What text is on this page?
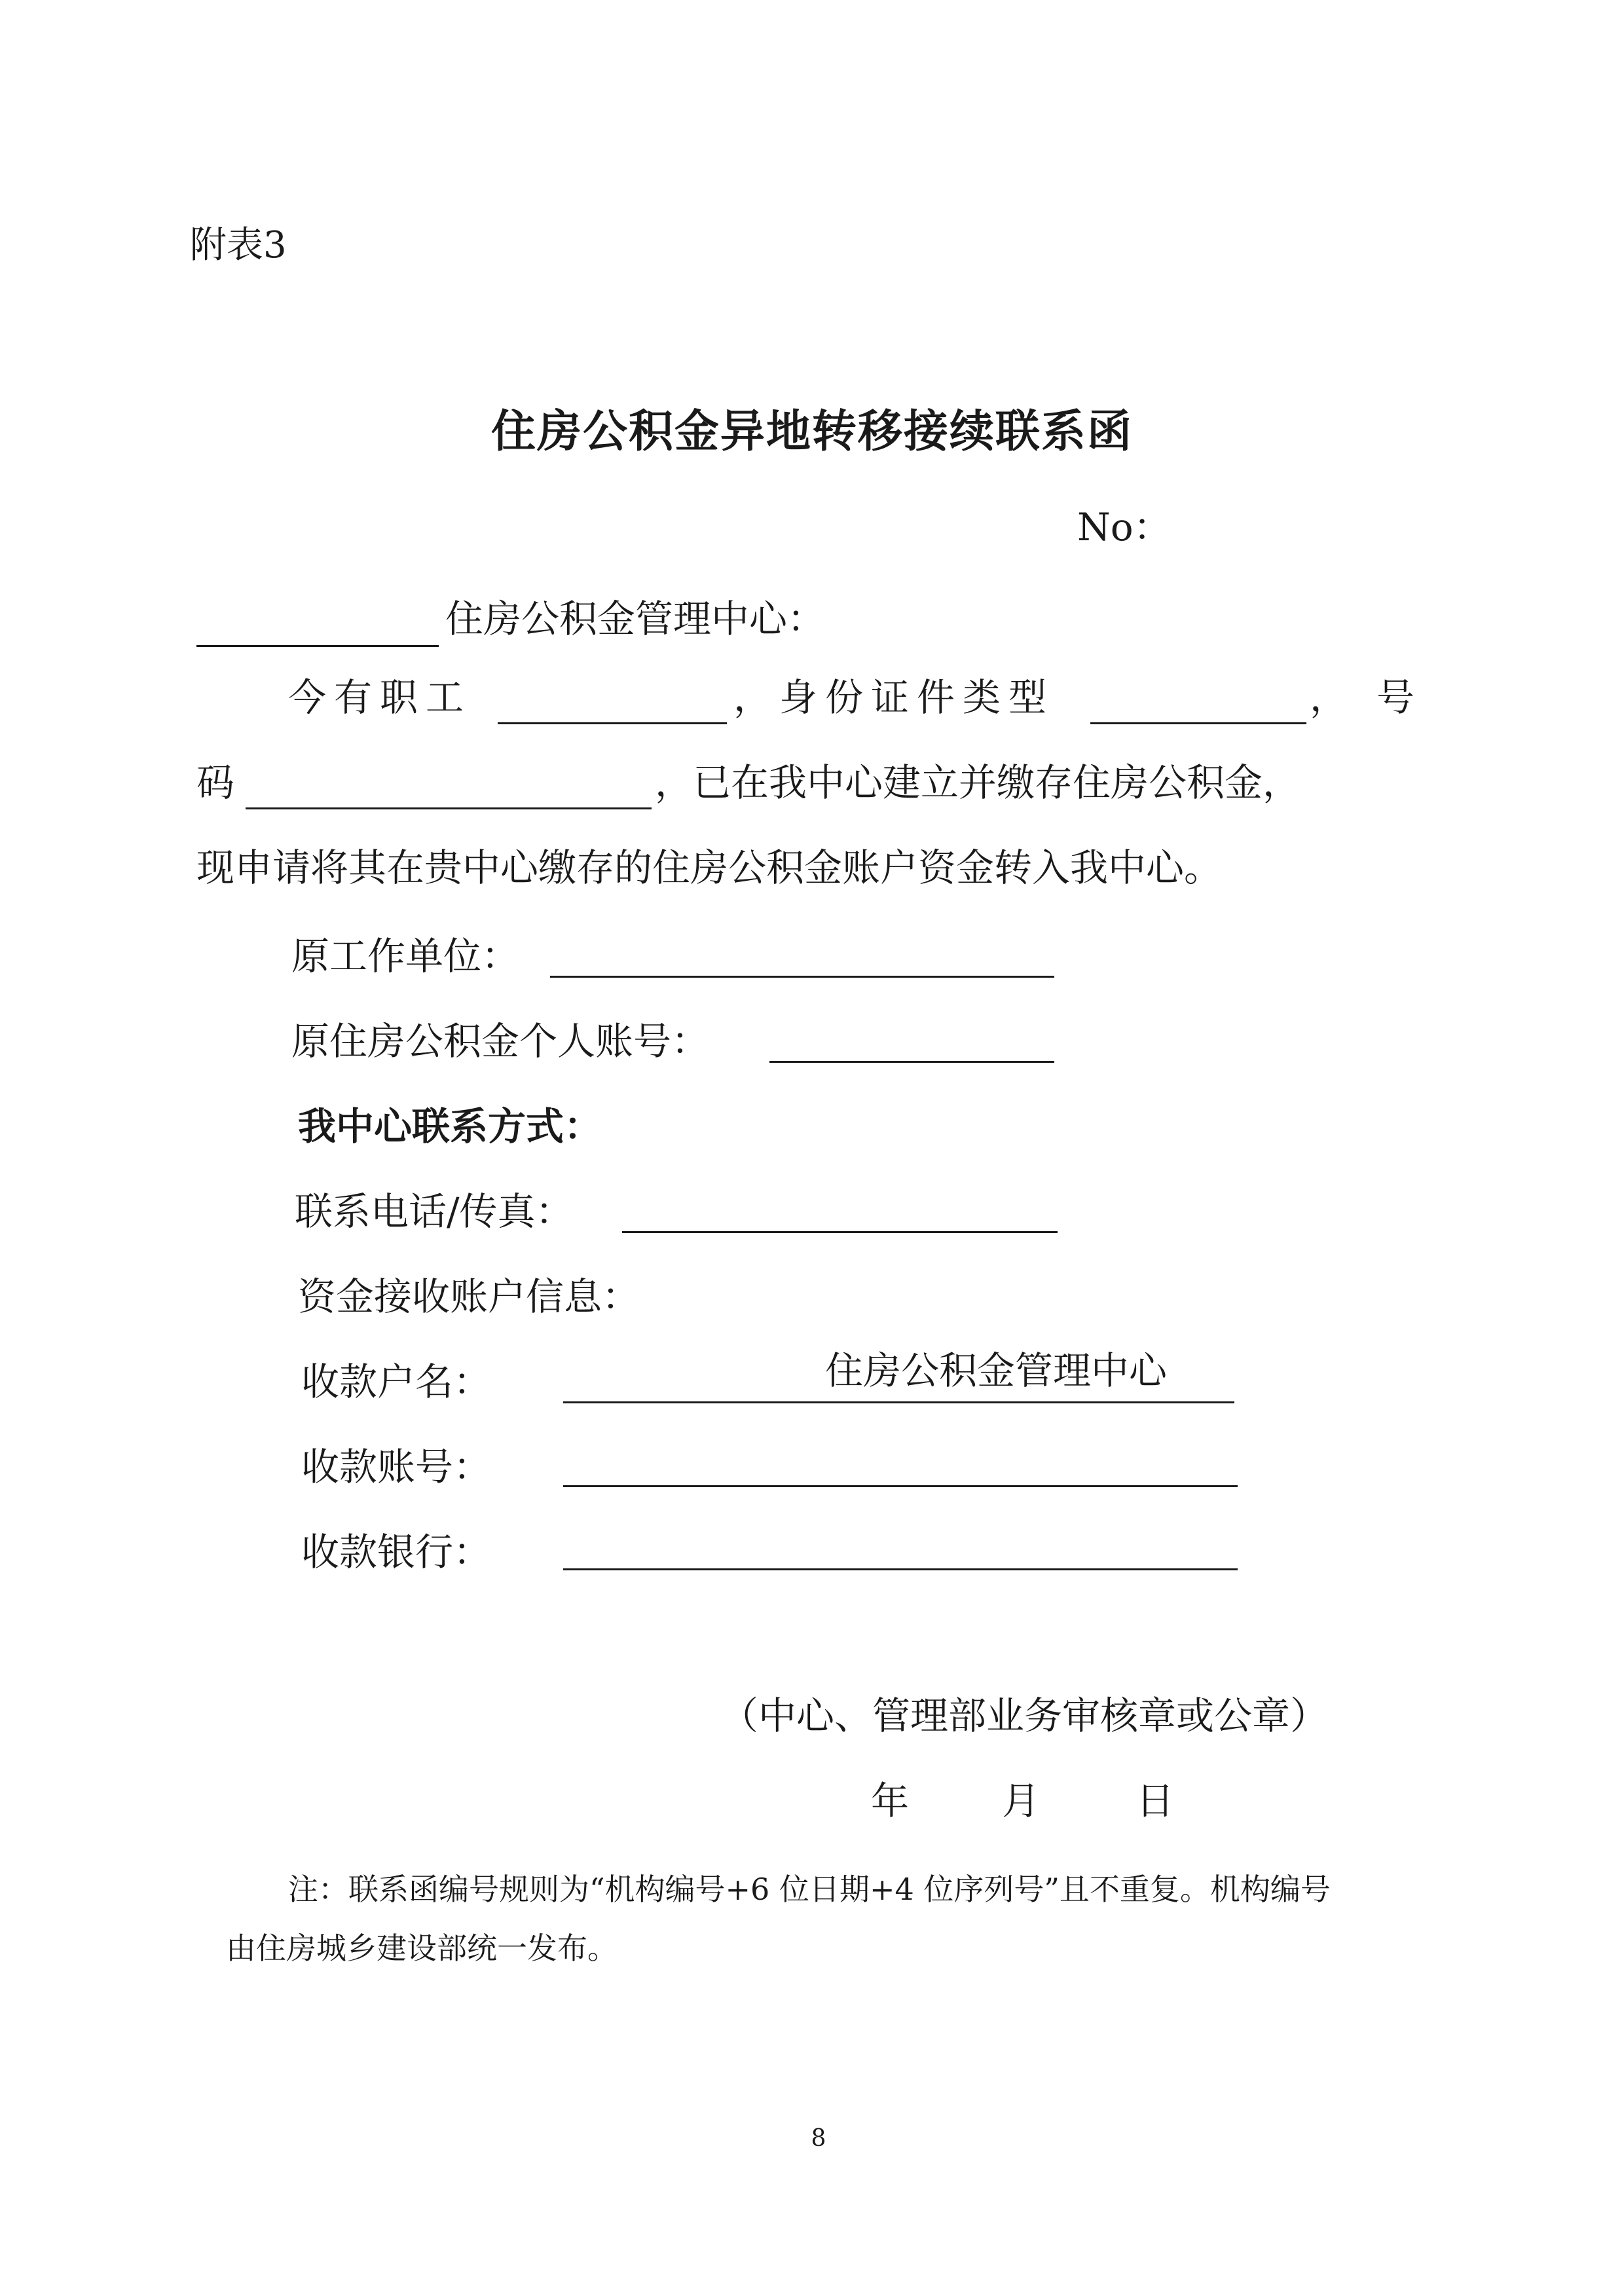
附表3
住房公积金异地转移接续联系函
No：
住房公积金管理中心：
今有职工	，身份证件类型	，号
码	，已在我中心建立并缴存住房公积金，
现申请将其在贵中心缴存的住房公积金账户资金转入我中心。
原工作单位：
原住房公积金个人账号：
我中心联系方式：
联系电话/传真：
资金接收账户信息：
收款户名：	住房公积金管理中心
收款账号：
收款银行：
（中心、管理部业务审核章或公章）
年 月	日
注：联系函编号规则为“机构编号+6 位日期+4 位序列号”且不重复。机构编号
由住房城乡建设部统一发布。
8
